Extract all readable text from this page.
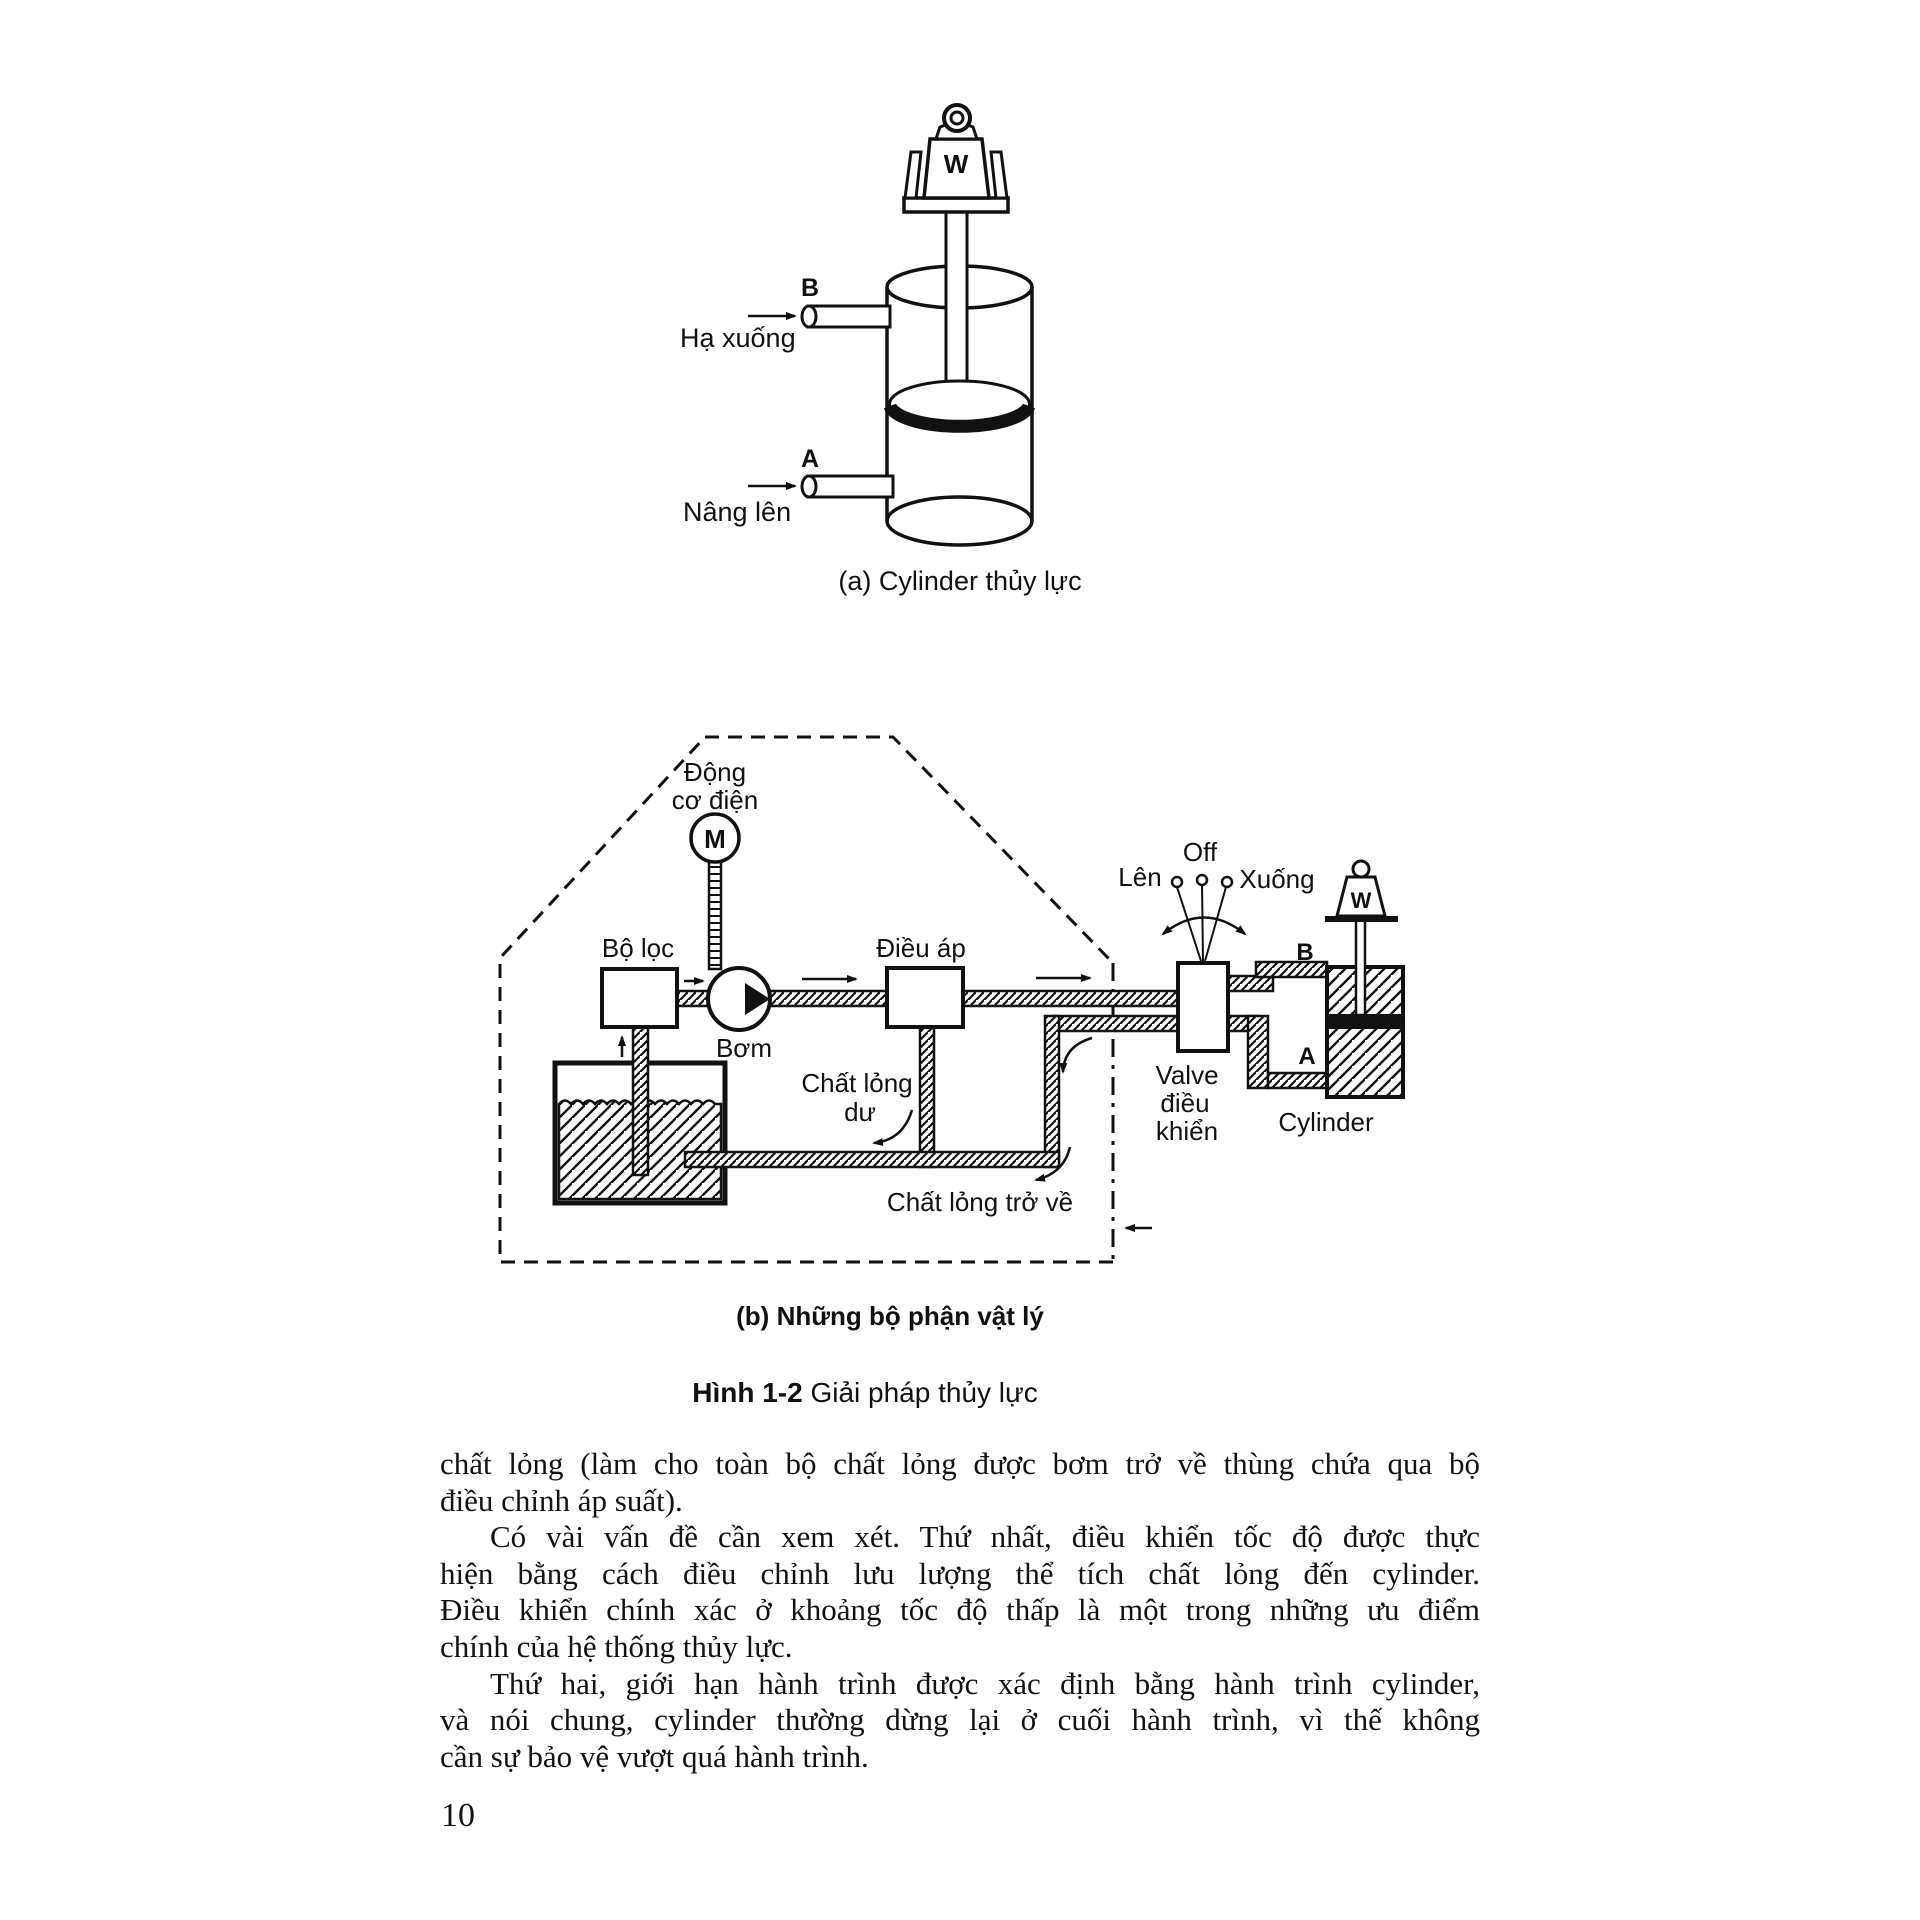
W
B
Hạ xuống
A
Nâng lên
M
W
Động
cơ điện
Bộ lọc
Bơm
Điều áp
Chất lỏng
dư
Chất lỏng trở về
Valve
điều
khiển Cylinder
Off
Lên	Xuống
B
A
(a) Cylinder thủy lực
(b) Những bộ phận vật lý
Hình 1-2 Giải pháp thủy lực
chất lỏng (làm cho toàn bộ chất lỏng được bơm trở về thùng chứa qua bộ
điều chỉnh áp suất).
Có vài vấn đề cần xem xét. Thứ nhất, điều khiển tốc độ được thực
hiện bằng cách điều chỉnh lưu lượng thể tích chất lỏng đến cylinder.
Điều khiển chính xác ở khoảng tốc độ thấp là một trong những ưu điểm
chính của hệ thống thủy lực.
Thứ hai, giới hạn hành trình được xác định bằng hành trình cylinder,
và nói chung, cylinder thường dừng lại ở cuối hành trình, vì thế không
cần sự bảo vệ vượt quá hành trình.
10
